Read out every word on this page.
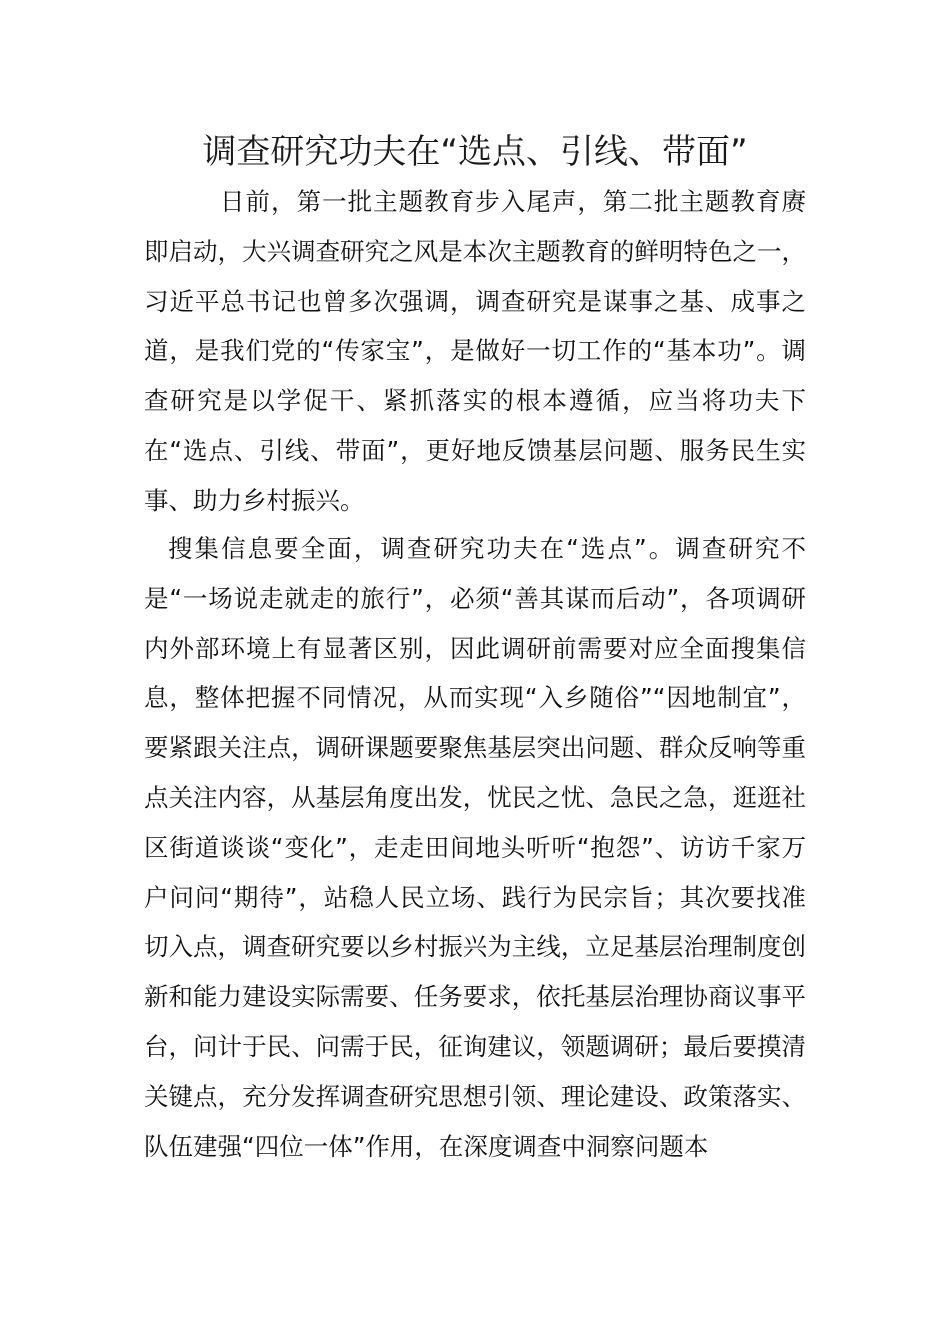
调查研究功夫在“选点、引线、带面”

日前，第一批主题教育步入尾声，第二批主题教育赓即启动，大兴调查研究之风是本次主题教育的鲜明特色之一，习近平总书记也曾多次强调，调查研究是谋事之基、成事之道，是我们党的“传家宝”，是做好一切工作的“基本功”。调查研究是以学促干、紧抓落实的根本遵循，应当将功夫下在“选点、引线、带面”，更好地反馈基层问题、服务民生实事、助力乡村振兴。

搜集信息要全面，调查研究功夫在“选点”。调查研究不是“一场说走就走的旅行”，必须“善其谋而后动”，各项调研内外部环境上有显著区别，因此调研前需要对应全面搜集信息，整体把握不同情况，从而实现“入乡随俗”“因地制宜”，要紧跟关注点，调研课题要聚焦基层突出问题、群众反响等重点关注内容，从基层角度出发，忧民之忧、急民之急，逛逛社区街道谈谈“变化”，走走田间地头听听“抱怨”、访访千家万户问问“期待”，站稳人民立场、践行为民宗旨；其次要找准切入点，调查研究要以乡村振兴为主线，立足基层治理制度创新和能力建设实际需要、任务要求，依托基层治理协商议事平台，问计于民、问需于民，征询建议，领题调研；最后要摸清关键点，充分发挥调查研究思想引领、理论建设、政策落实、队伍建强“四位一体”作用，在深度调查中洞察问题本
